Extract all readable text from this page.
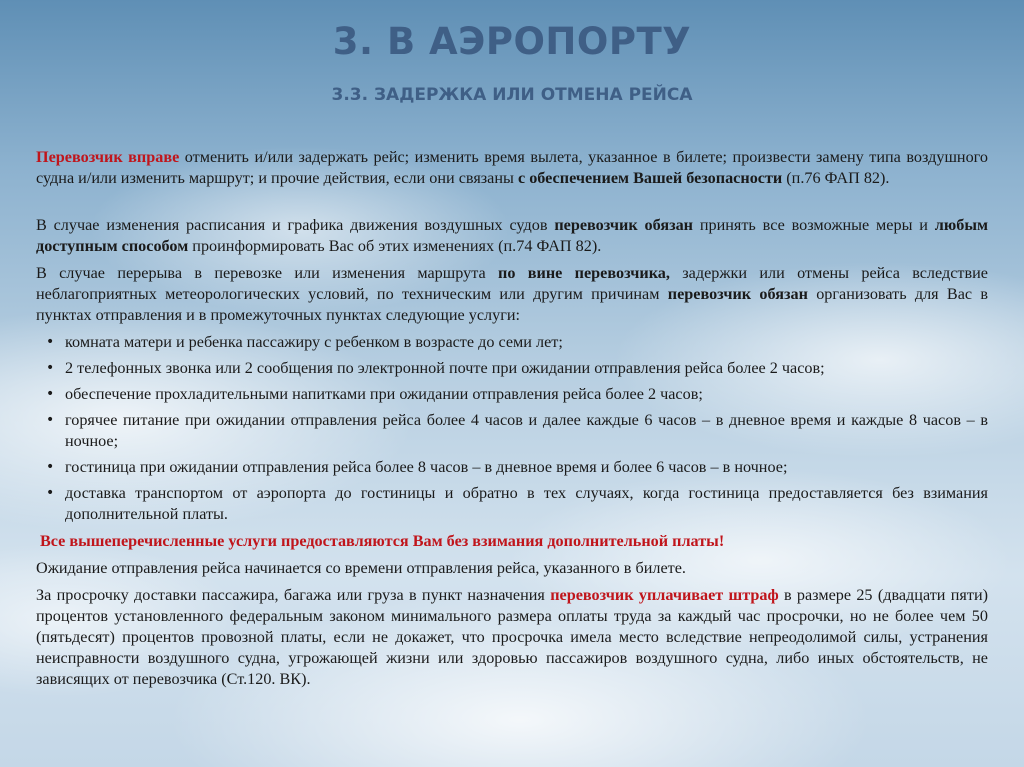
3. В АЭРОПОРТУ
3.3. ЗАДЕРЖКА ИЛИ ОТМЕНА РЕЙСА

Перевозчик вправе отменить и/или задержать рейс; изменить время вылета, указанное в билете; произвести замену типа воздушного судна и/или изменить маршрут; и прочие действия, если они связаны с обеспечением Вашей безопасности (п.76 ФАП 82).

В случае изменения расписания и графика движения воздушных судов перевозчик обязан принять все возможные меры и любым доступным способом проинформировать Вас об этих изменениях (п.74 ФАП 82).

В случае перерыва в перевозке или изменения маршрута по вине перевозчика, задержки или отмены рейса вследствие неблагоприятных метеорологических условий, по техническим или другим причинам перевозчик обязан организовать для Вас в пунктах отправления и в промежуточных пунктах следующие услуги:

• комната матери и ребенка пассажиру с ребенком в возрасте до семи лет;
• 2 телефонных звонка или 2 сообщения по электронной почте при ожидании отправления рейса более 2 часов;
• обеспечение прохладительными напитками при ожидании отправления рейса более 2 часов;
• горячее питание при ожидании отправления рейса более 4 часов и далее каждые 6 часов – в дневное время и каждые 8 часов – в ночное;
• гостиница при ожидании отправления рейса более 8 часов – в дневное время и более 6 часов – в ночное;
• доставка транспортом от аэропорта до гостиницы и обратно в тех случаях, когда гостиница предоставляется без взимания дополнительной платы.

Все вышеперечисленные услуги предоставляются Вам без взимания дополнительной платы!

Ожидание отправления рейса начинается со времени отправления рейса, указанного в билете.

За просрочку доставки пассажира, багажа или груза в пункт назначения перевозчик уплачивает штраф в размере 25 (двадцати пяти) процентов установленного федеральным законом минимального размера оплаты труда за каждый час просрочки, но не более чем 50 (пятьдесят) процентов провозной платы, если не докажет, что просрочка имела место вследствие непреодолимой силы, устранения неисправности воздушного судна, угрожающей жизни или здоровью пассажиров воздушного судна, либо иных обстоятельств, не зависящих от перевозчика (Ст.120. ВК).
